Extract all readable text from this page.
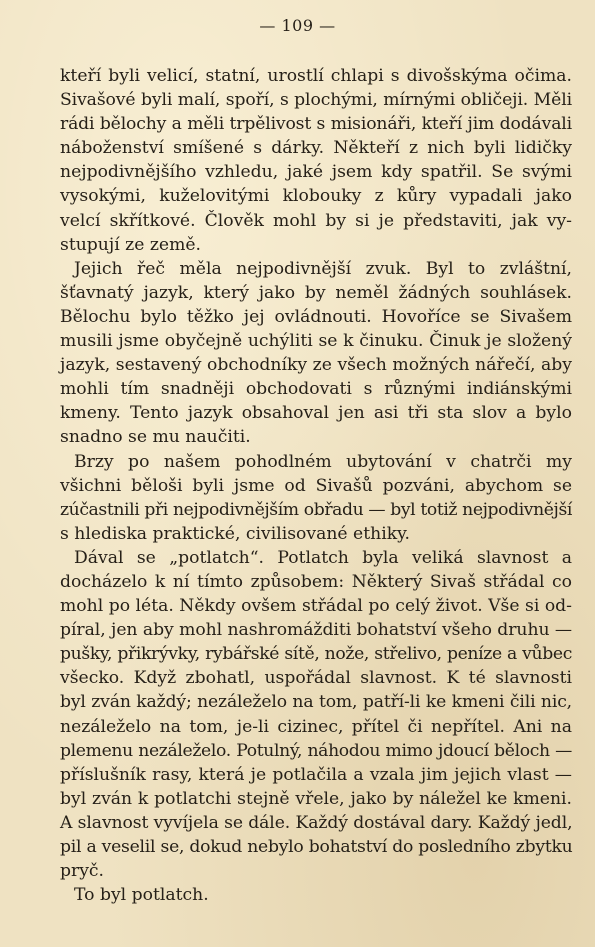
— 109 —
kteří byli velicí, statní, urostlí chlapi s divošskýma očima.
Sivašové byli malí, spoří, s plochými, mírnými obličeji. Měli
rádi bělochy a měli trpělivost s misionáři, kteří jim dodávali
náboženství smíšené s dárky. Někteří z nich byli lidičky
nejpodivnějšího vzhledu, jaké jsem kdy spatřil. Se svými
vysokými, kuželovitými klobouky z kůry vypadali jako
velcí skřítkové. Člověk mohl by si je představiti, jak vy-
stupují ze země.
Jejich řeč měla nejpodivnější zvuk. Byl to zvláštní,
šťavnatý jazyk, který jako by neměl žádných souhlásek.
Bělochu bylo těžko jej ovládnouti. Hovoříce se Sivašem
musili jsme obyčejně uchýliti se k činuku. Činuk je složený
jazyk, sestavený obchodníky ze všech možných nářečí, aby
mohli tím snadněji obchodovati s různými indiánskými
kmeny. Tento jazyk obsahoval jen asi tři sta slov a bylo
snadno se mu naučiti.
Brzy po našem pohodlném ubytování v chatrči my
všichni běloši byli jsme od Sivašů pozváni, abychom se
zúčastnili při nejpodivnějším obřadu — byl totiž nejpodivnější
s hlediska praktické, civilisované ethiky.
Dával se „potlatch“. Potlatch byla veliká slavnost a
docházelo k ní tímto způsobem: Některý Sivaš střádal co
mohl po léta. Někdy ovšem střádal po celý život. Vše si od-
píral, jen aby mohl nashromážditi bohatství všeho druhu —
pušky, přikrývky, rybářské sítě, nože, střelivo, peníze a vůbec
všecko. Když zbohatl, uspořádal slavnost. K té slavnosti
byl zván každý; nezáleželo na tom, patří-li ke kmeni čili nic,
nezáleželo na tom, je-li cizinec, přítel či nepřítel. Ani na
plemenu nezáleželo. Potulný, náhodou mimo jdoucí běloch —
příslušník rasy, která je potlačila a vzala jim jejich vlast —
byl zván k potlatchi stejně vřele, jako by náležel ke kmeni.
A slavnost vyvíjela se dále. Každý dostával dary. Každý jedl,
pil a veselil se, dokud nebylo bohatství do posledního zbytku
pryč.
To byl potlatch.
